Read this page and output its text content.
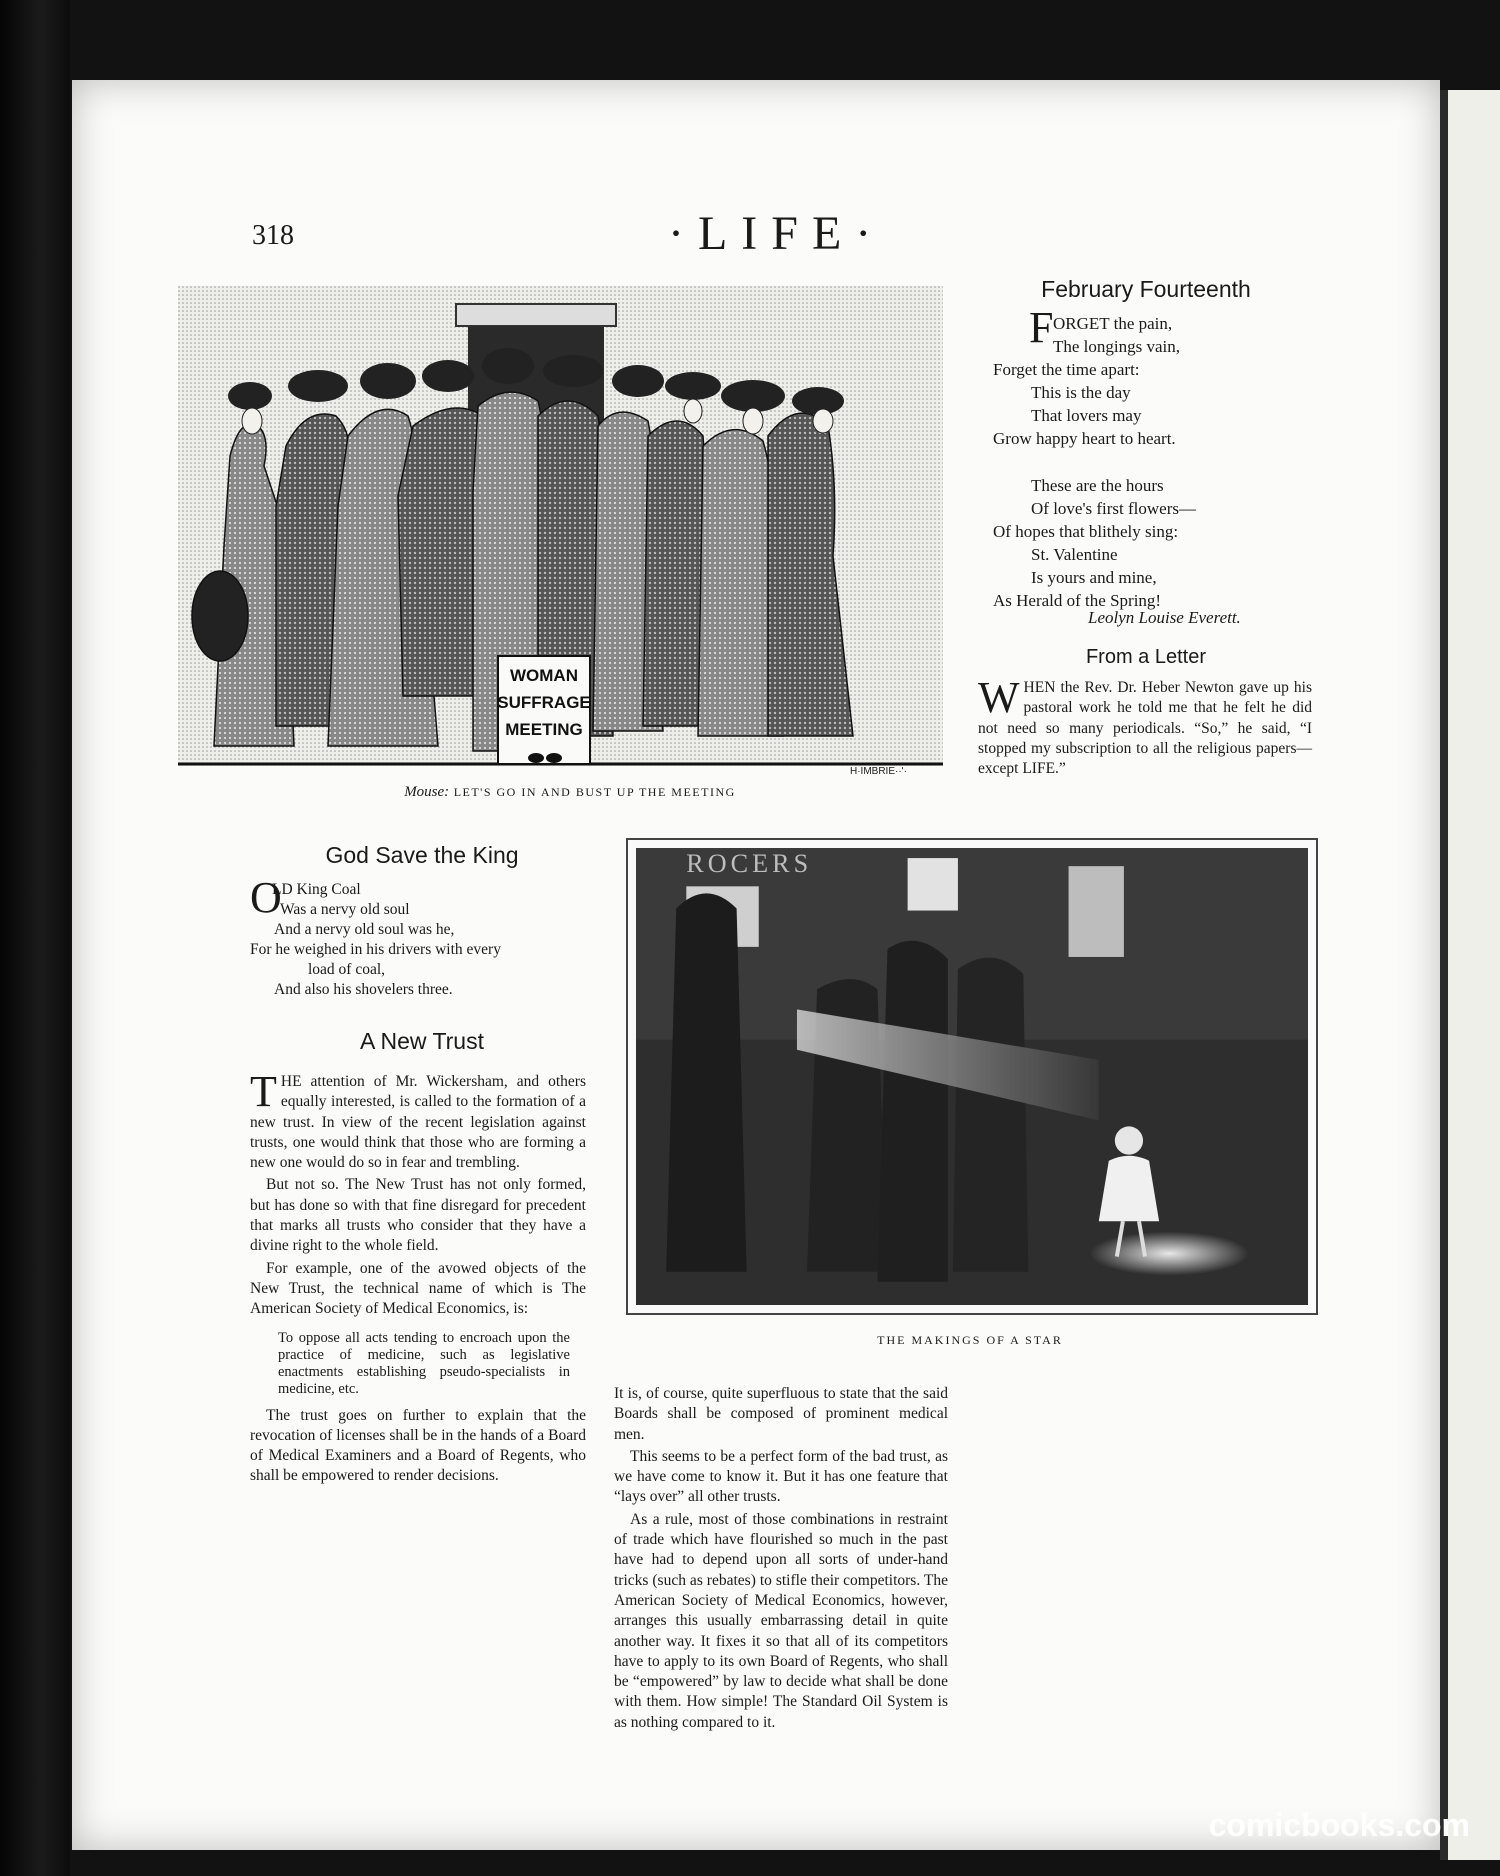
318	·LIFE·
WOMAN
SUFFRAGE
MEETING
H·IMBRIE··'·
Mouse: LET'S GO IN AND BUST UP THE MEETING
February Fourteenth
F ORGET the pain,
The longings vain,
Forget the time apart:
This is the day
That lovers may
Grow happy heart to heart.
These are the hours
Of love's first flowers—
Of hopes that blithely sing:
St. Valentine
Is yours and mine,
As Herald of the Spring!
Leolyn Louise Everett.
From a Letter
WHEN the Rev. Dr. Heber Newton gave up his pastoral work he told me that he felt he did not need so many periodicals. “So,” he said, “I stopped my subscription to all the religious papers—except LIFE.”
God Save the King
O
LD King Coal
Was a nervy old soul
And a nervy old soul was he,
For he weighed in his drivers with every
load of coal,
And also his shovelers three.
A New Trust

THE attention of Mr. Wickersham, and others equally interested, is called to the formation of a new trust. In view of the recent legislation against trusts, one would think that those who are forming a new one would do so in fear and trembling.

But not so. The New Trust has not only formed, but has done so with that fine disregard for precedent that marks all trusts who consider that they have a divine right to the whole field.

For example, one of the avowed objects of the New Trust, the technical name of which is The American Society of Medical Economics, is:

To oppose all acts tending to encroach upon the practice of medicine, such as legislative enactments establishing pseudo-specialists in medicine, etc.

The trust goes on further to explain that the revocation of licenses shall be in the hands of a Board of Medical Examiners and a Board of Regents, who shall be empowered to render decisions.

It is, of course, quite superfluous to state that the said Boards shall be composed of prominent medical men.

This seems to be a perfect form of the bad trust, as we have come to know it. But it has one feature that “lays over” all other trusts.

As a rule, most of those combinations in restraint of trade which have flourished so much in the past have had to depend upon all sorts of under-hand tricks (such as rebates) to stifle their competitors. The American Society of Medical Economics, however, arranges this usually embarrassing detail in quite another way. It fixes it so that all of its competitors have to apply to its own Board of Regents, who shall be “empowered” by law to decide what shall be done with them. How simple! The Standard Oil System is as nothing compared to it.

ROCERS
THE MAKINGS OF A STAR
comicbooks.com
